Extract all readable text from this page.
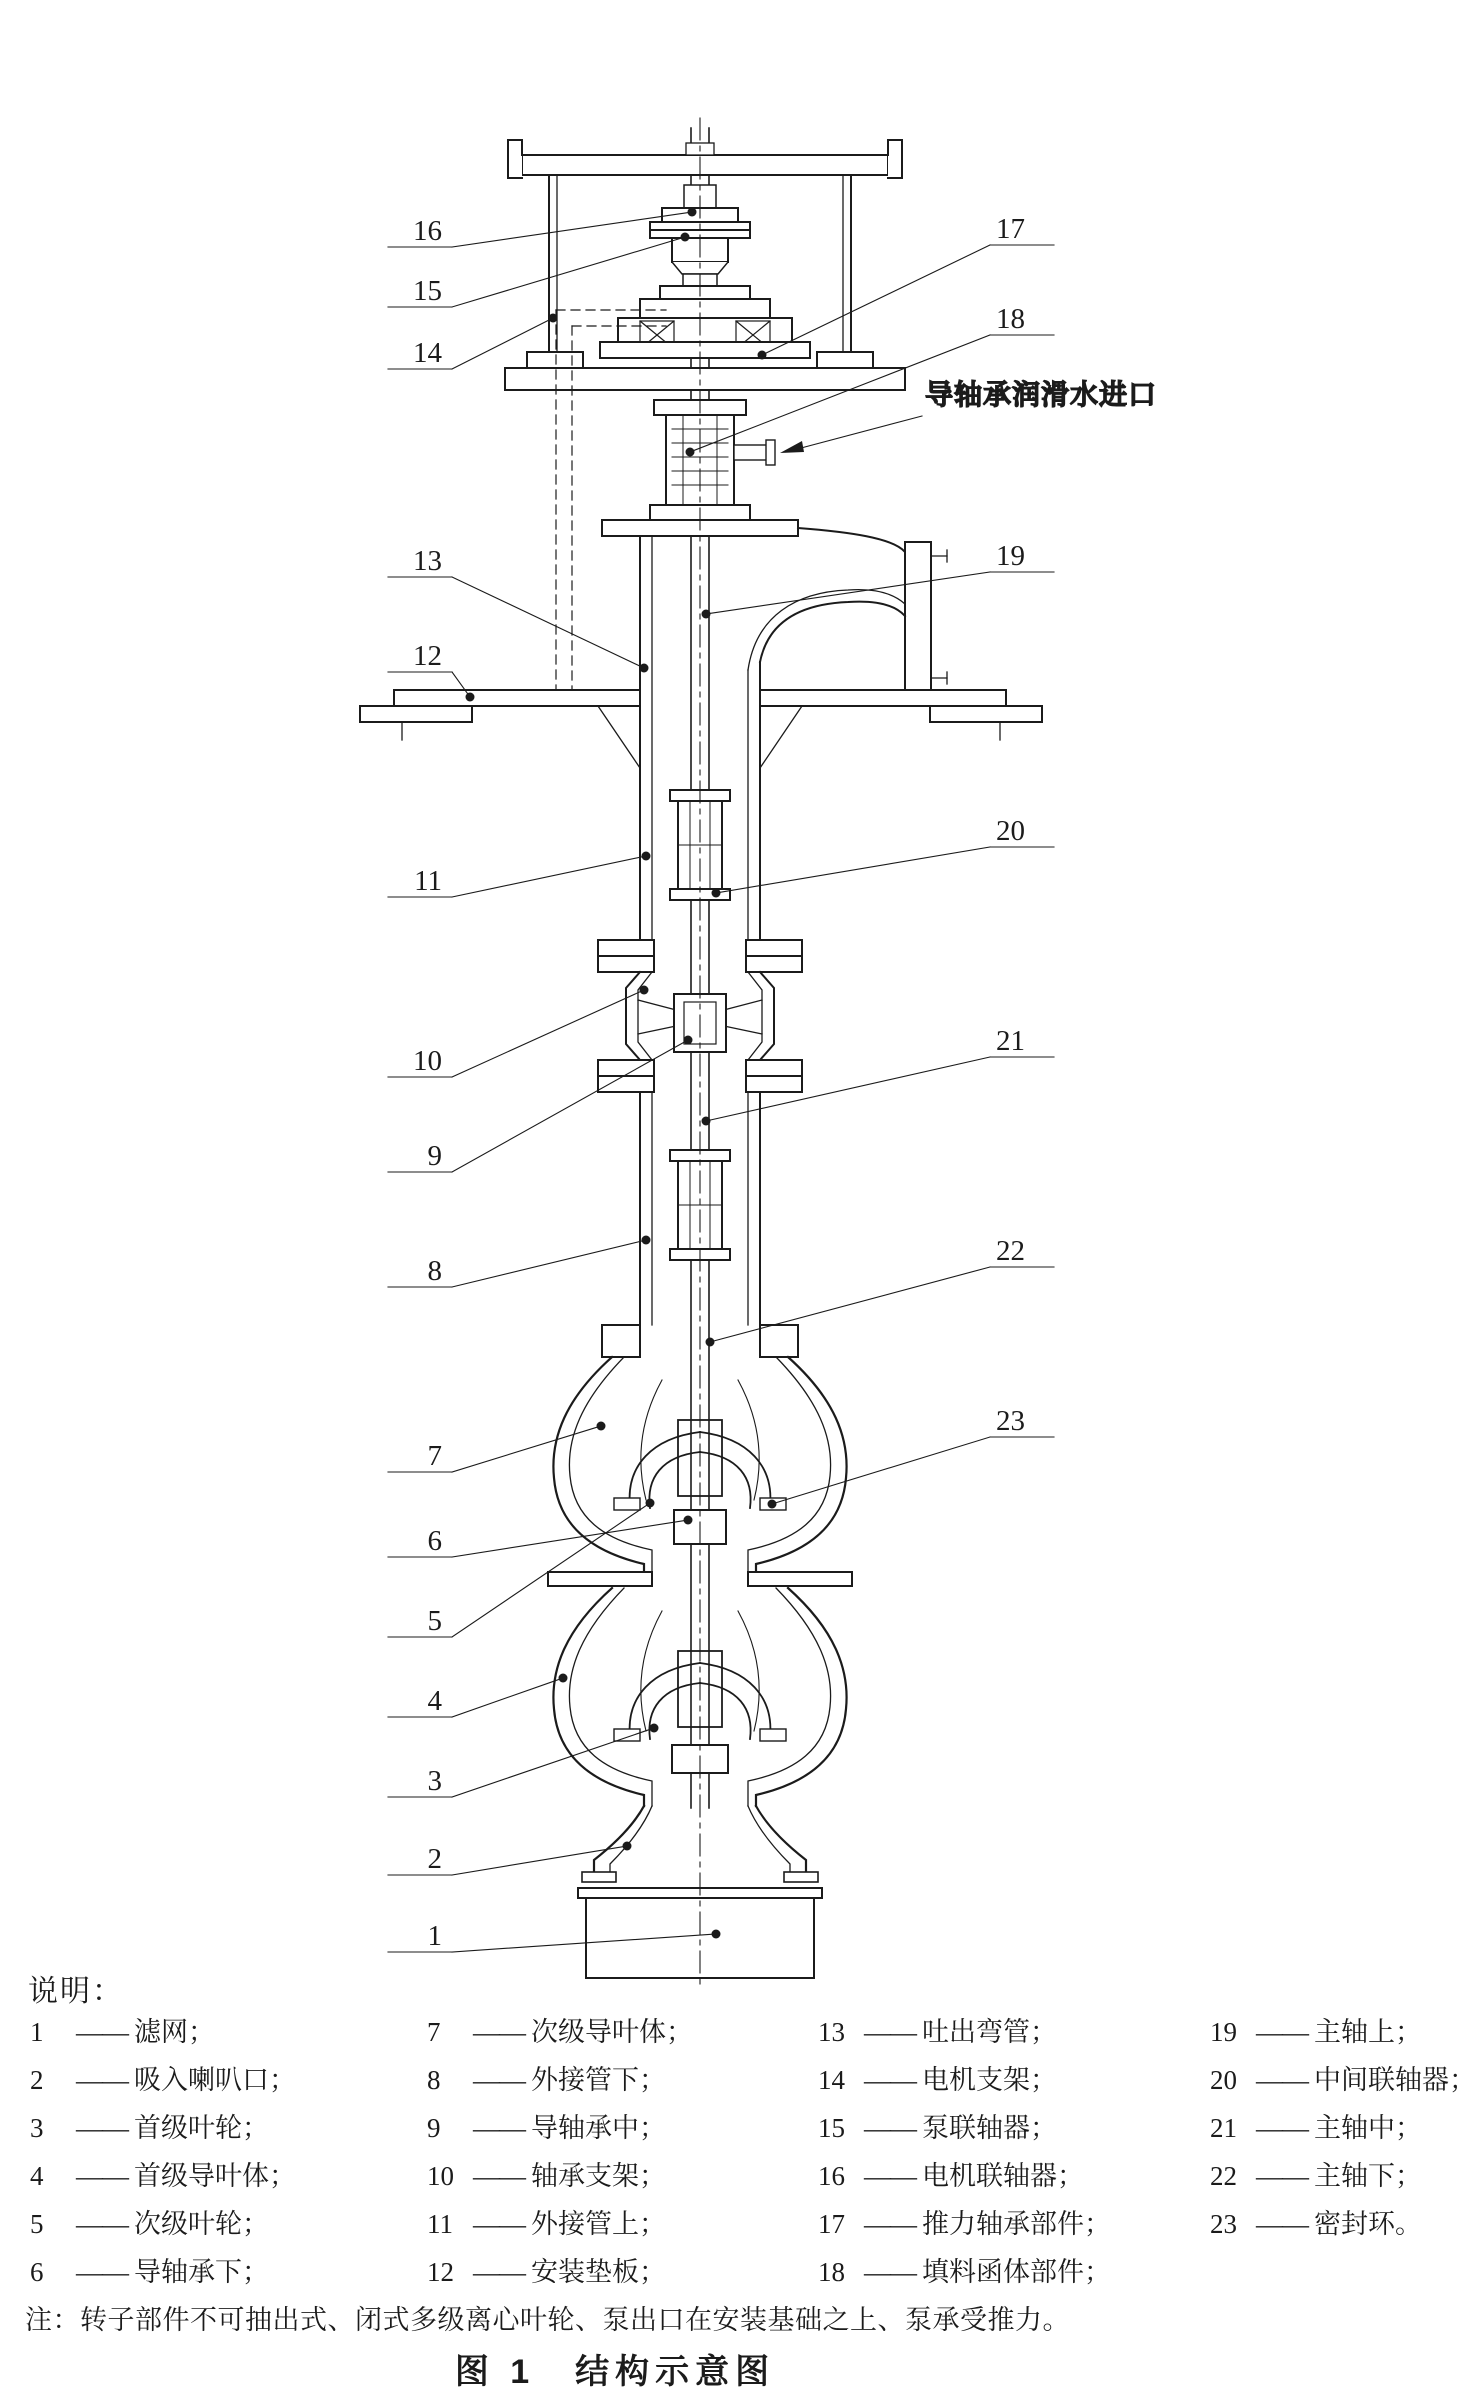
导轴承润滑水进口
16
15
14
13
12
11
10
9
8
7
6
5
4
3
2
1
17
18
19
20
21
22
23
说明：
1	—— 滤网；
2	—— 吸入喇叭口；
3	—— 首级叶轮；
4	—— 首级导叶体；
5	—— 次级叶轮；
6	—— 导轴承下；
7	—— 次级导叶体；
8	—— 外接管下；
9	—— 导轴承中；
10 —— 轴承支架；
11 —— 外接管上；
12 —— 安装垫板；
13 —— 吐出弯管；
14 —— 电机支架；
15 —— 泵联轴器；
16 —— 电机联轴器；
17 —— 推力轴承部件；
18 —— 填料函体部件；
19 —— 主轴上；
20 —— 中间联轴器；
21 —— 主轴中；
22 —— 主轴下；
23 —— 密封环。
注：转子部件不可抽出式、闭式多级离心叶轮、泵出口在安装基础之上、泵承受推力。
图 1　结构示意图
